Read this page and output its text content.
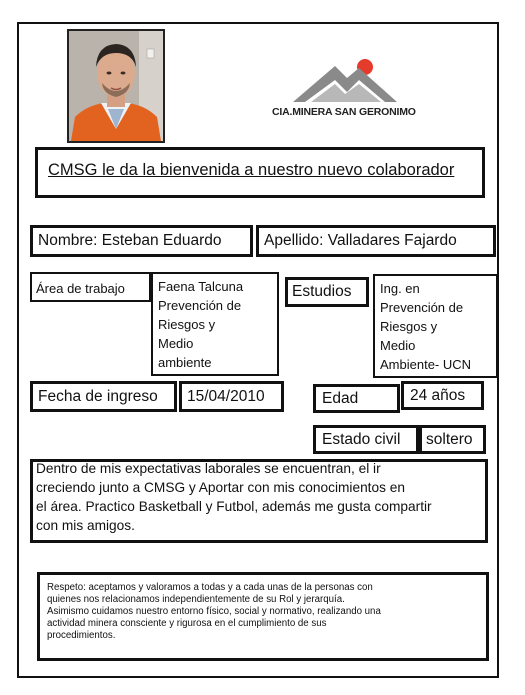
CIA.MINERA SAN GERONIMO
CMSG le da la bienvenida a nuestro nuevo colaborador
Nombre: Esteban Eduardo	Apellido: Valladares Fajardo
Área de trabajo	Faena Talcuna
Prevención de
Riesgos y
Medio
ambiente
Estudios Ing. en
Prevención de
Riesgos y
Medio
Ambiente- UCN
Fecha de ingreso 15/04/2010	Edad	24 años
Estado civil soltero
Dentro de mis expectativas laborales se encuentran, el ir
creciendo junto a CMSG y Aportar con mis conocimientos en
el área. Practico Basketball y Futbol, además me gusta compartir
con mis amigos.
Respeto: aceptamos y valoramos a todas y a cada unas de la personas con
quienes nos relacionamos independientemente de su Rol y jerarquía.
Asimismo cuidamos nuestro entorno físico, social y normativo, realizando una
actividad minera consciente y rigurosa en el cumplimiento de sus
procedimientos.
